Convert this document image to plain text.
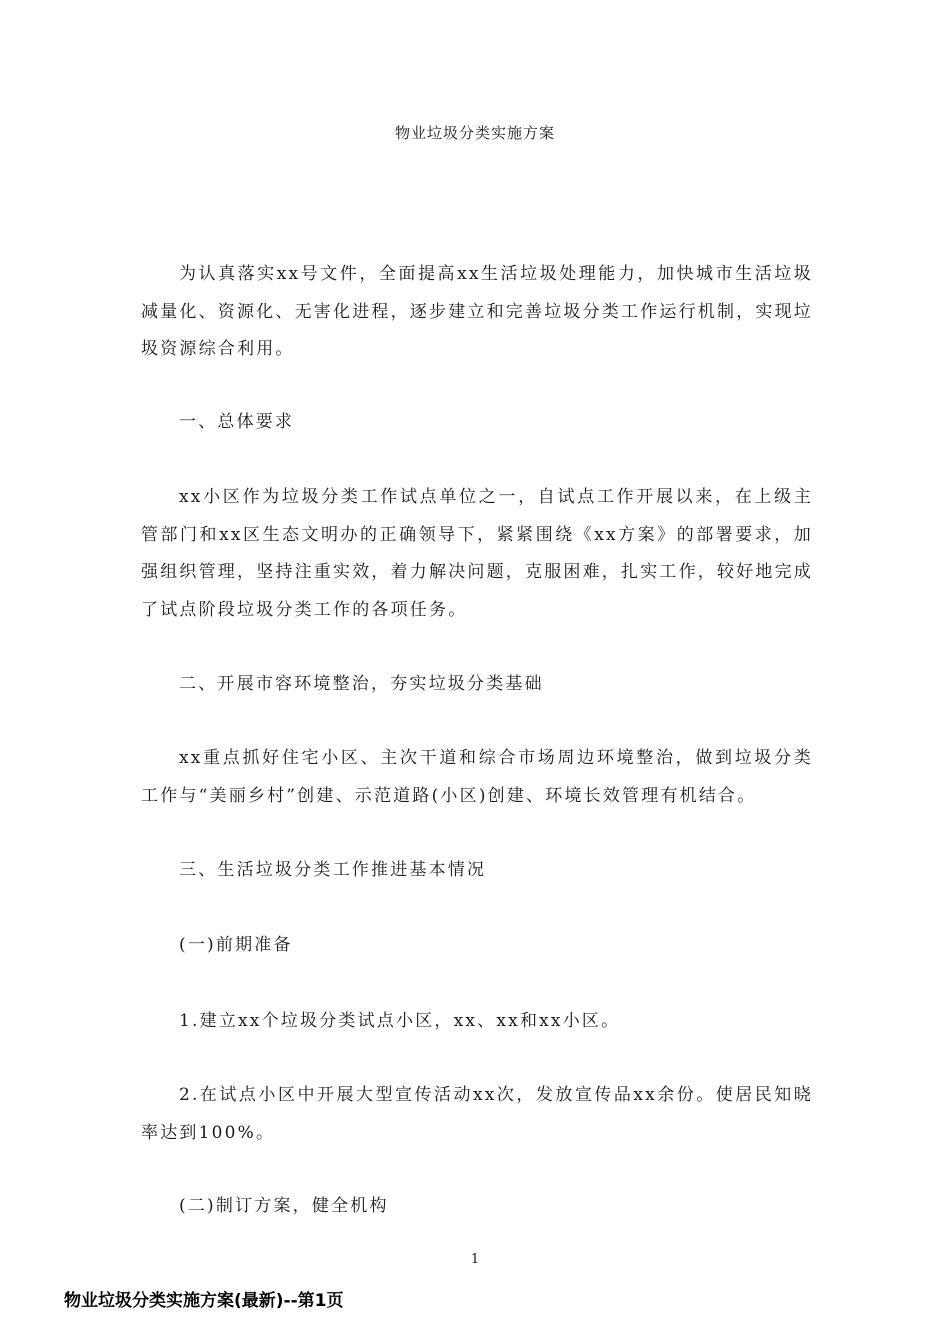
物业垃圾分类实施方案

为认真落实xx号文件，全面提高xx生活垃圾处理能力，加快城市生活垃圾减量化、资源化、无害化进程，逐步建立和完善垃圾分类工作运行机制，实现垃圾资源综合利用。

一、总体要求

xx小区作为垃圾分类工作试点单位之一，自试点工作开展以来，在上级主管部门和xx区生态文明办的正确领导下，紧紧围绕《xx方案》的部署要求，加强组织管理，坚持注重实效，着力解决问题，克服困难，扎实工作，较好地完成了试点阶段垃圾分类工作的各项任务。

二、开展市容环境整治，夯实垃圾分类基础

xx重点抓好住宅小区、主次干道和综合市场周边环境整治，做到垃圾分类工作与“美丽乡村”创建、示范道路(小区)创建、环境长效管理有机结合。

三、生活垃圾分类工作推进基本情况

(一)前期准备

1.建立xx个垃圾分类试点小区，xx、xx和xx小区。

2.在试点小区中开展大型宣传活动xx次，发放宣传品xx余份。使居民知晓率达到100%。

(二)制订方案，健全机构

1
物业垃圾分类实施方案(最新)--第1页
